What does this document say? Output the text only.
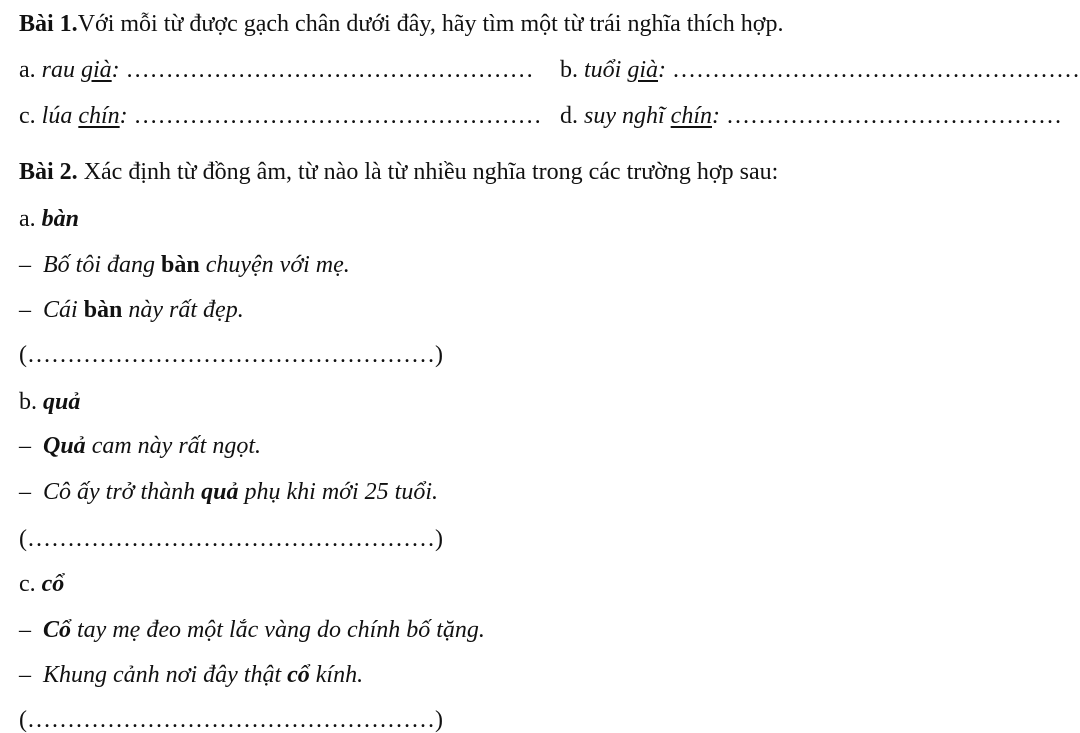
Bài 1.Với mỗi từ được gạch chân dưới đây, hãy tìm một từ trái nghĩa thích hợp.
a. rau già: …………………………………………… b. tuổi già: ……………………………………………
c. lúa chín: …………………………………………… d. suy nghĩ chín: ……………………………………
Bài 2. Xác định từ đồng âm, từ nào là từ nhiều nghĩa trong các trường hợp sau:
a. bàn
– Bố tôi đang bàn chuyện với mẹ.
– Cái bàn này rất đẹp.
(……………………………………………)
b. quả
– Quả cam này rất ngọt.
– Cô ấy trở thành quả phụ khi mới 25 tuổi.
(……………………………………………)
c. cổ
– Cổ tay mẹ đeo một lắc vàng do chính bố tặng.
– Khung cảnh nơi đây thật cổ kính.
(……………………………………………)
